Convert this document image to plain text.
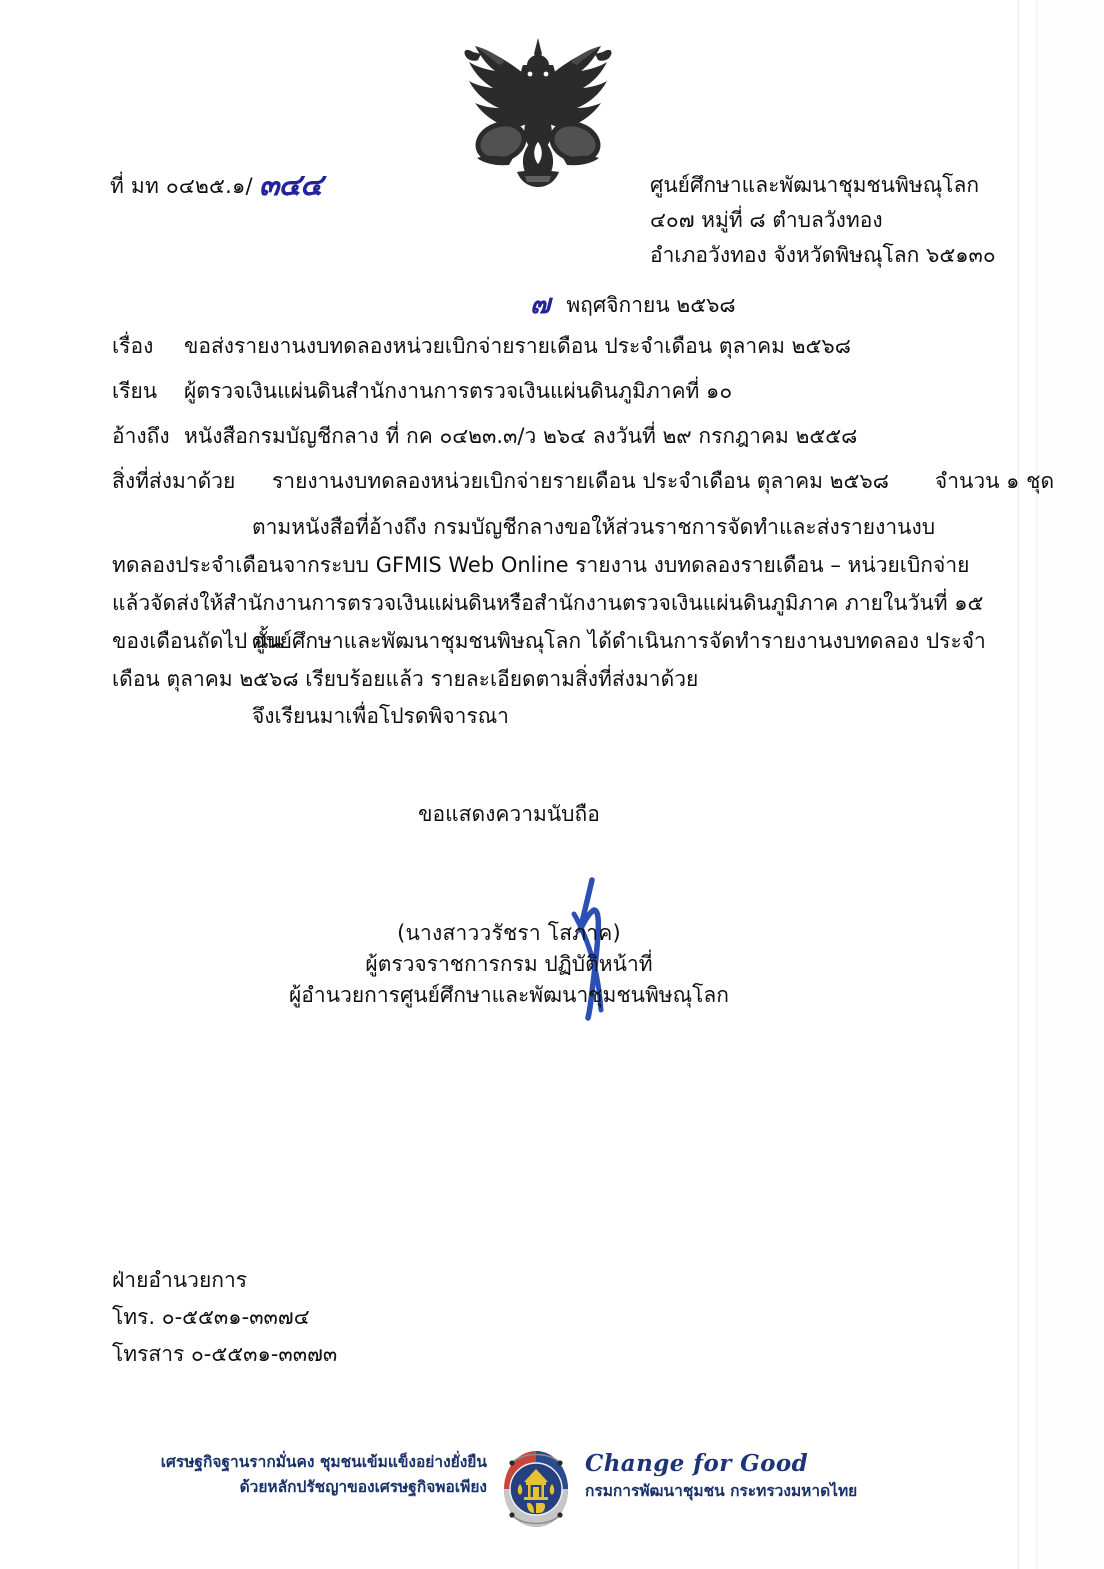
ที่ มท ๐๔๒๕.๑/ ๓๔๔	ศูนย์ศึกษาและพัฒนาชุมชนพิษณุโลก
๔๐๗ หมู่ที่ ๘ ตำบลวังทอง
อำเภอวังทอง จังหวัดพิษณุโลก ๖๕๑๓๐
๗ พฤศจิกายน ๒๕๖๘
เรื่อง	ขอส่งรายงานงบทดลองหน่วยเบิกจ่ายรายเดือน ประจำเดือน ตุลาคม ๒๕๖๘
เรียน	ผู้ตรวจเงินแผ่นดินสำนักงานการตรวจเงินแผ่นดินภูมิภาคที่ ๑๐
อ้างถึง หนังสือกรมบัญชีกลาง ที่ กค ๐๔๒๓.๓/ว ๒๖๔ ลงวันที่ ๒๙ กรกฎาคม ๒๕๕๘
สิ่งที่ส่งมาด้วย	รายงานงบทดลองหน่วยเบิกจ่ายรายเดือน ประจำเดือน ตุลาคม ๒๕๖๘ จำนวน ๑ ชุด
ตามหนังสือที่อ้างถึง กรมบัญชีกลางขอให้ส่วนราชการจัดทำและส่งรายงานงบทดลองประจำเดือนจากระบบ GFMIS Web Online รายงาน งบทดลองรายเดือน – หน่วยเบิกจ่าย แล้วจัดส่งให้สำนักงานการตรวจเงินแผ่นดินหรือสำนักงานตรวจเงินแผ่นดินภูมิภาค ภายในวันที่ ๑๕ ของเดือนถัดไป นั้น
ศูนย์ศึกษาและพัฒนาชุมชนพิษณุโลก ได้ดำเนินการจัดทำรายงานงบทดลอง ประจำเดือน ตุลาคม ๒๕๖๘ เรียบร้อยแล้ว รายละเอียดตามสิ่งที่ส่งมาด้วย
จึงเรียนมาเพื่อโปรดพิจารณา
ขอแสดงความนับถือ
(นางสาววรัชรา โสภาค)
ผู้ตรวจราชการกรม ปฏิบัติหน้าที่
ผู้อำนวยการศูนย์ศึกษาและพัฒนาชุมชนพิษณุโลก
ฝ่ายอำนวยการ
โทร. ๐-๕๕๓๑-๓๓๗๔
โทรสาร ๐-๕๕๓๑-๓๓๗๓
เศรษฐกิจฐานรากมั่นคง ชุมชนเข้มแข็งอย่างยั่งยืน
ด้วยหลักปรัชญาของเศรษฐกิจพอเพียง
Change for Good
กรมการพัฒนาชุมชน กระทรวงมหาดไทย
